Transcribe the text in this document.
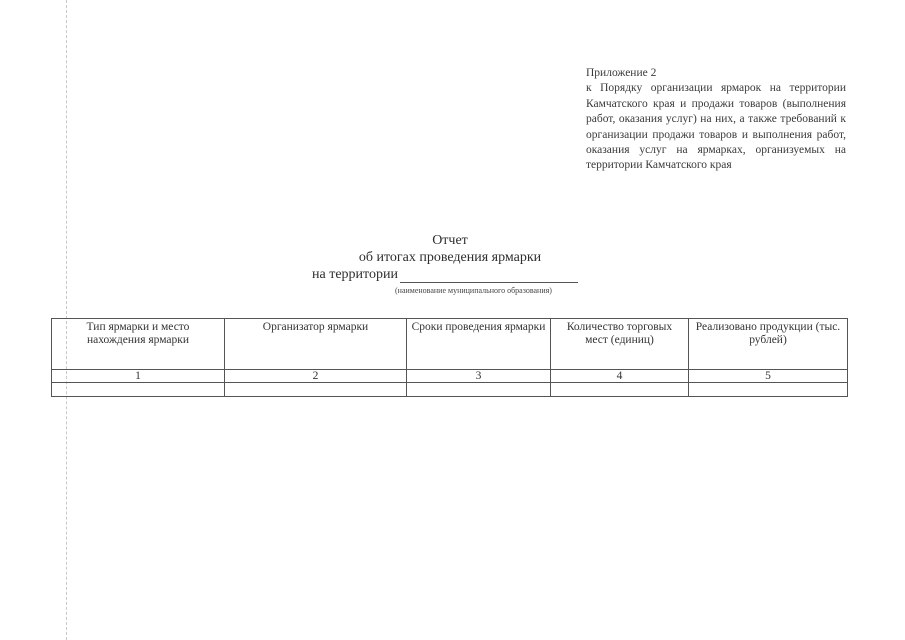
Приложение 2
к Порядку организации ярмарок на территории Камчатского края и продажи товаров (выполнения работ, оказания услуг) на них, а также требований к организации продажи товаров и выполнения работ, оказания услуг на ярмарках, организуемых на территории Камчатского края
Отчет
об итогах проведения ярмарки
на территории
(наименование муниципального образования)
Тип ярмарки и место нахождения ярмарки	Организатор ярмарки	Сроки проведения ярмарки	Количество торговых мест (единиц)	Реализовано продукции (тыс. рублей)
1	2	3	4	5
